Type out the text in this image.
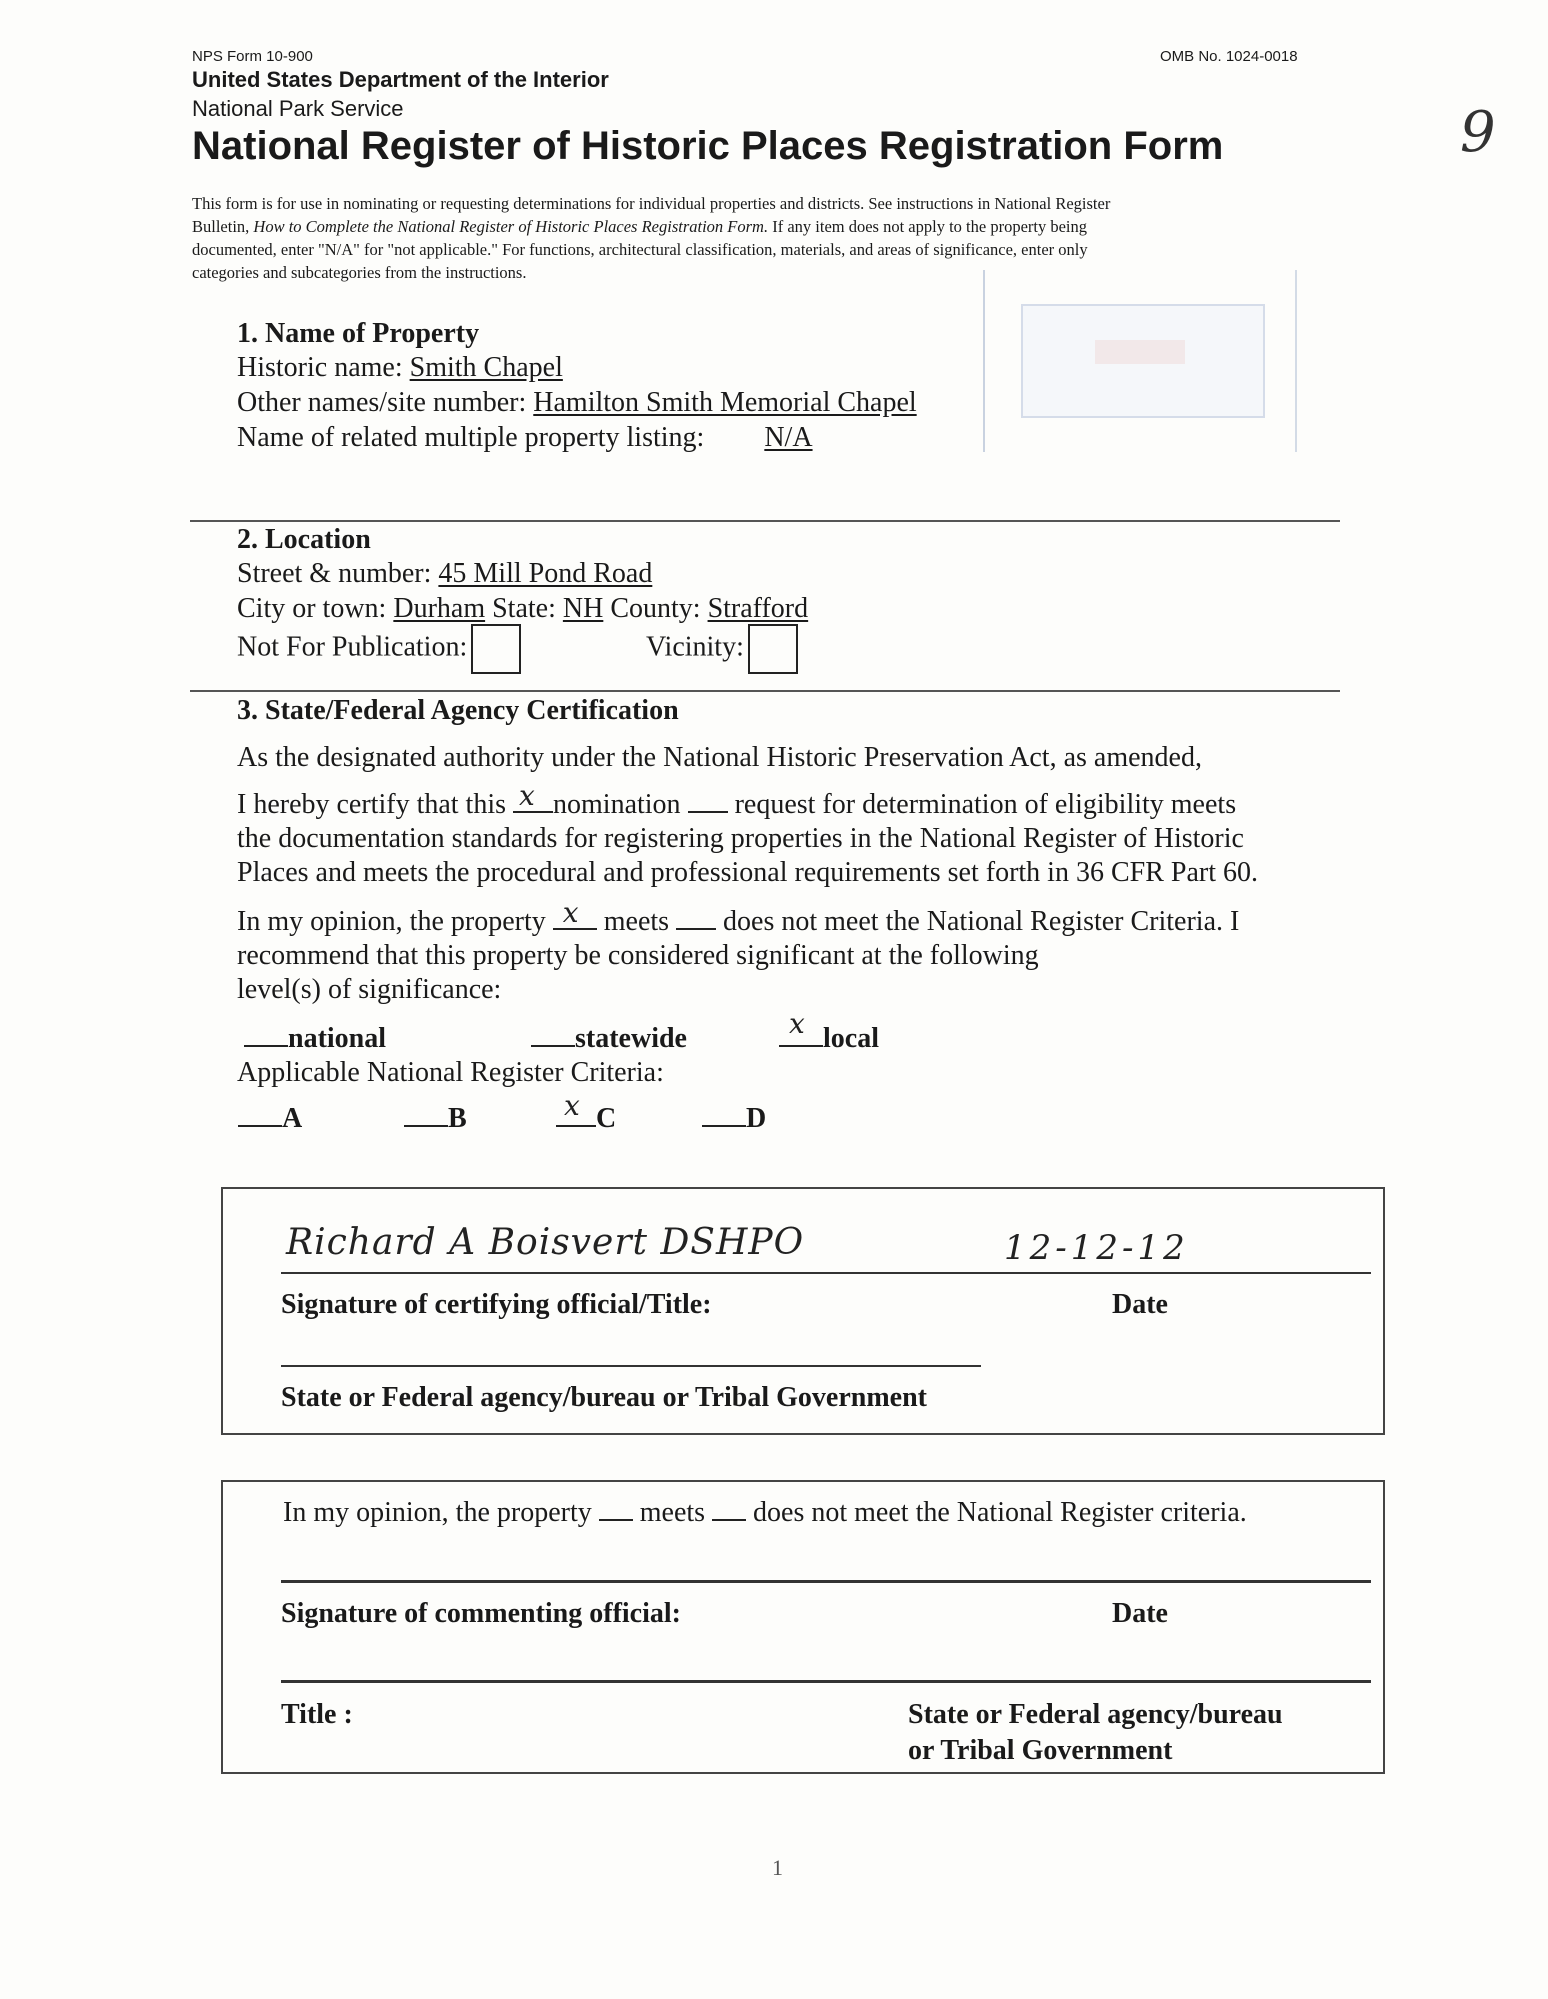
NPS Form 10-900	OMB No. 1024-0018
United States Department of the Interior
National Park Service
National Register of Historic Places Registration Form	9
This form is for use in nominating or requesting determinations for individual properties and districts. See instructions in National Register
Bulletin, How to Complete the National Register of Historic Places Registration Form. If any item does not apply to the property being
documented, enter "N/A" for "not applicable." For functions, architectural classification, materials, and areas of significance, enter only
categories and subcategories from the instructions.
1. Name of Property
Historic name: Smith Chapel
Other names/site number: Hamilton Smith Memorial Chapel
Name of related multiple property listing: N/A
2. Location
Street & number: 45 Mill Pond Road
City or town: Durham State: NH County: Strafford
Not For Publication:	Vicinity:
3. State/Federal Agency Certification
As the designated authority under the National Historic Preservation Act, as amended,
I hereby certify that this x nomination  request for determination of eligibility meets
the documentation standards for registering properties in the National Register of Historic
Places and meets the procedural and professional requirements set forth in 36 CFR Part 60.
In my opinion, the property x meets  does not meet the National Register Criteria. I
recommend that this property be considered significant at the following
level(s) of significance:
national	statewide	x local
Applicable National Register Criteria:
A	B	x C	D
Richard A Boisvert DSHPO	12-12-12
Signature of certifying official/Title:	Date
State or Federal agency/bureau or Tribal Government
In my opinion, the property  meets  does not meet the National Register criteria.
Signature of commenting official:	Date
Title :	State or Federal agency/bureau
or Tribal Government
1
